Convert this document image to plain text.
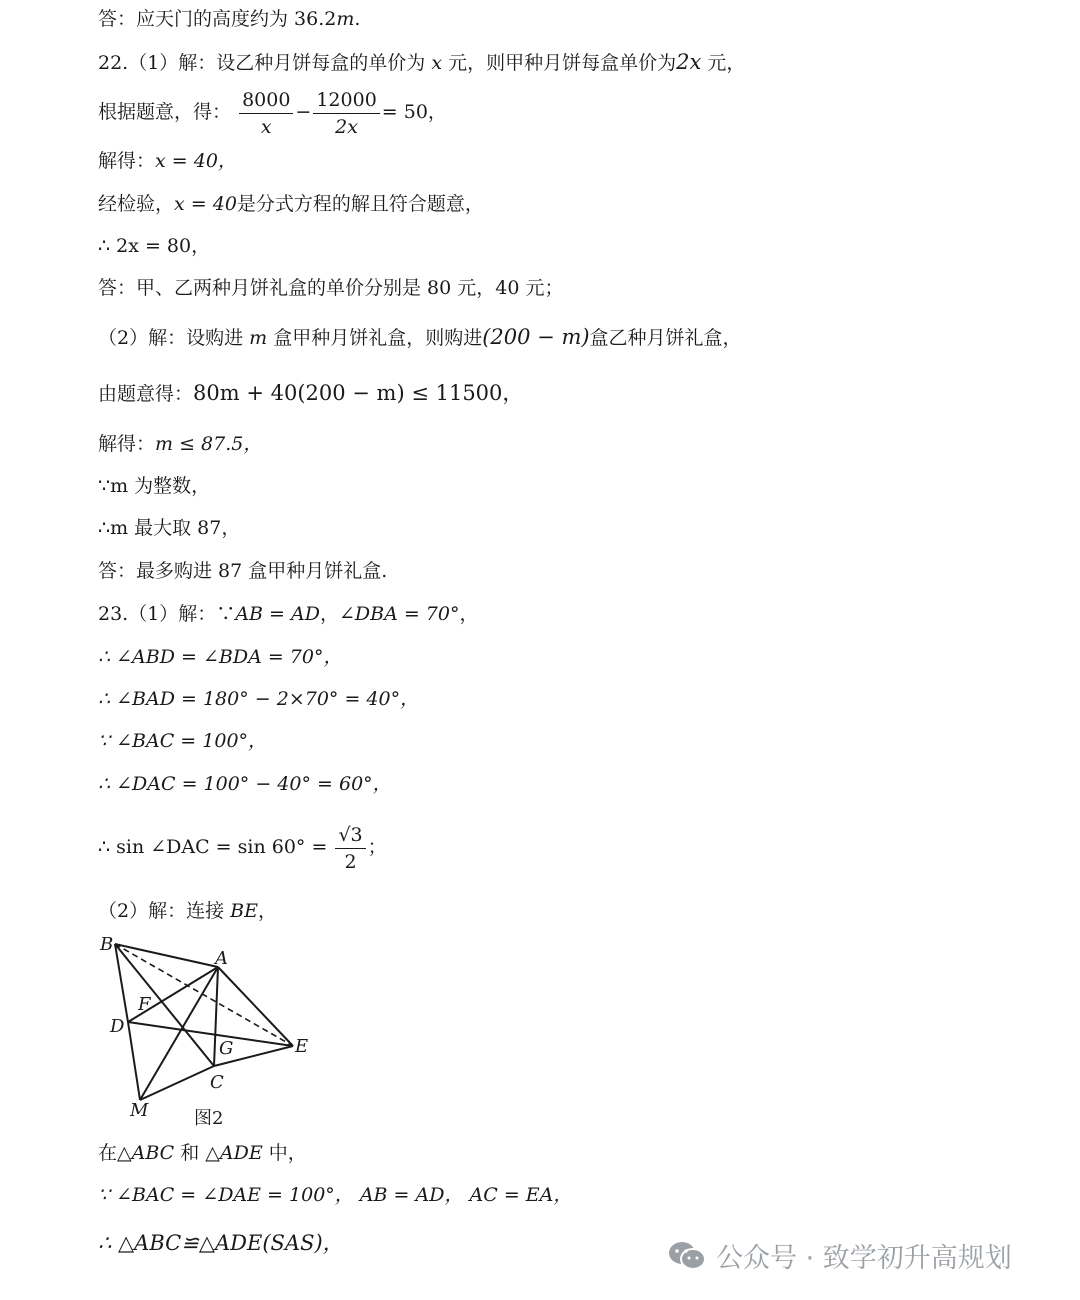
答：应天门的高度约为 36.2m.
22.（1）解：设乙种月饼每盒的单价为 x 元，则甲种月饼每盒单价为2x 元，
根据题意，得： $\frac{8000}{x} - \frac{12000}{2x} = 50$，
解得：x = 40，
经检验，x = 40是分式方程的解且符合题意，
∴ 2x = 80，
答：甲、乙两种月饼礼盒的单价分别是 80 元，40 元；
（2）解：设购进 m 盒甲种月饼礼盒，则购进(200 − m)盒乙种月饼礼盒，
由题意得：80m + 40(200 − m) ≤ 11500，
解得：m ≤ 87.5，
∵m 为整数，
∴m 最大取 87，
答：最多购进 87 盒甲种月饼礼盒.
23.（1）解：∵AB = AD，∠DBA = 70°，
∴ ∠ABD = ∠BDA = 70°，
∴ ∠BAD = 180° − 2×70° = 40°，
∵ ∠BAC = 100°，
∴ ∠DAC = 100° − 40° = 60°，
∴ sin ∠DAC = $\sin 60^\circ = \frac{√3}{2}$ ；
（2）解：连接 BE，
B
A
F
D
G	E
C
M	图2
在△ABC 和 △ADE 中，
∵ ∠BAC = ∠DAE = 100°， AB = AD， AC = EA，
∴ △ABC≌△ADE(SAS)，	公众号 · 致学初升高规划
